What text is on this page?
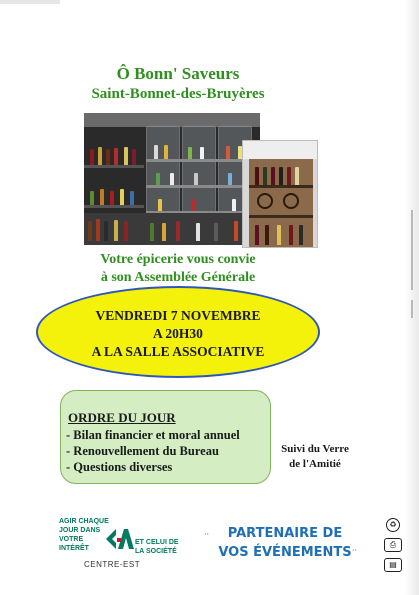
Ô Bonn' Saveurs
Saint-Bonnet-des-Bruyères
Votre épicerie vous convie
à son Assemblée Générale
VENDREDI 7 NOVEMBRE
A 20H30
A LA SALLE ASSOCIATIVE
ORDRE DU JOUR
- Bilan financier et moral annuel
- Renouvellement du Bureau
- Questions diverses
Suivi du Verre
de l'Amitié
AGIR CHAQUE JOUR DANS VOTRE INTÉRÊT
ET CELUI DE LA SOCIÉTÉ
CENTRE-EST
‧·
·‧
PARTENAIRE DE
VOS ÉVÉNEMENTS
♻
⎙
▤
